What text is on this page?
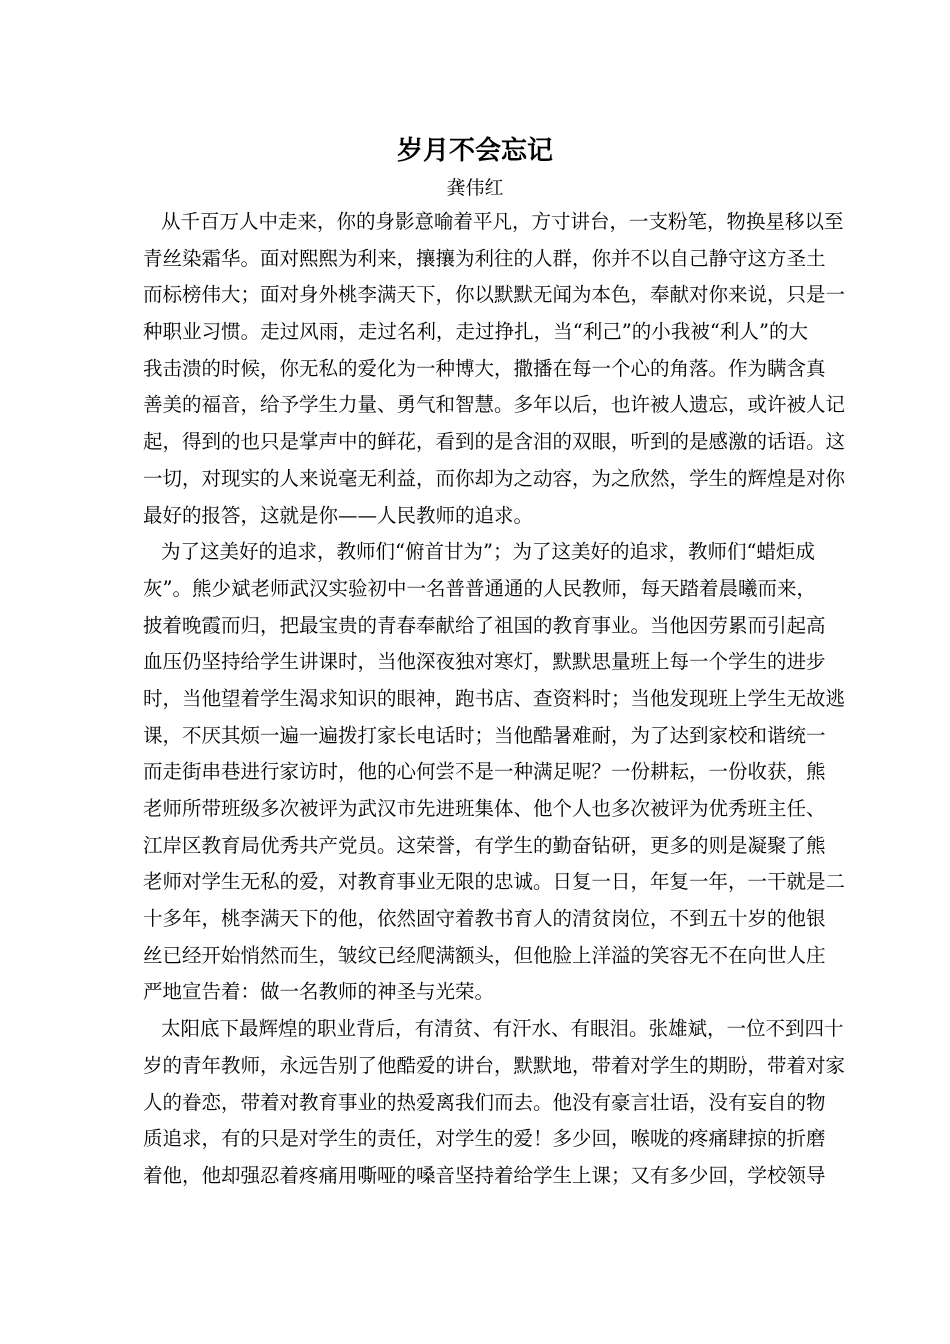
岁月不会忘记
龚伟红

从千百万人中走来，你的身影意喻着平凡，方寸讲台，一支粉笔，物换星移以至
青丝染霜华。面对熙熙为利来，攘攘为利往的人群，你并不以自己静守这方圣土
而标榜伟大；面对身外桃李满天下，你以默默无闻为本色，奉献对你来说，只是一
种职业习惯。走过风雨，走过名利，走过挣扎，当“利己”的小我被“利人”的大
我击溃的时候，你无私的爱化为一种博大，撒播在每一个心的角落。作为瞒含真
善美的福音，给予学生力量、勇气和智慧。多年以后，也许被人遗忘，或许被人记
起，得到的也只是掌声中的鲜花，看到的是含泪的双眼，听到的是感激的话语。这
一切，对现实的人来说毫无利益，而你却为之动容，为之欣然，学生的辉煌是对你
最好的报答，这就是你——人民教师的追求。

为了这美好的追求，教师们“俯首甘为”；为了这美好的追求，教师们“蜡炬成
灰”。熊少斌老师武汉实验初中一名普普通通的人民教师，每天踏着晨曦而来，
披着晚霞而归，把最宝贵的青春奉献给了祖国的教育事业。当他因劳累而引起高
血压仍坚持给学生讲课时，当他深夜独对寒灯，默默思量班上每一个学生的进步
时，当他望着学生渴求知识的眼神，跑书店、查资料时；当他发现班上学生无故逃
课，不厌其烦一遍一遍拨打家长电话时；当他酷暑难耐，为了达到家校和谐统一
而走街串巷进行家访时，他的心何尝不是一种满足呢？一份耕耘，一份收获，熊
老师所带班级多次被评为武汉市先进班集体、他个人也多次被评为优秀班主任、
江岸区教育局优秀共产党员。这荣誉，有学生的勤奋钻研，更多的则是凝聚了熊
老师对学生无私的爱，对教育事业无限的忠诚。日复一日，年复一年，一干就是二
十多年，桃李满天下的他，依然固守着教书育人的清贫岗位，不到五十岁的他银
丝已经开始悄然而生，皱纹已经爬满额头，但他脸上洋溢的笑容无不在向世人庄
严地宣告着：做一名教师的神圣与光荣。

太阳底下最辉煌的职业背后，有清贫、有汗水、有眼泪。张雄斌，一位不到四十
岁的青年教师，永远告别了他酷爱的讲台，默默地，带着对学生的期盼，带着对家
人的眷恋，带着对教育事业的热爱离我们而去。他没有豪言壮语，没有妄自的物
质追求，有的只是对学生的责任，对学生的爱！多少回，喉咙的疼痛肆掠的折磨
着他，他却强忍着疼痛用嘶哑的嗓音坚持着给学生上课；又有多少回，学校领导
